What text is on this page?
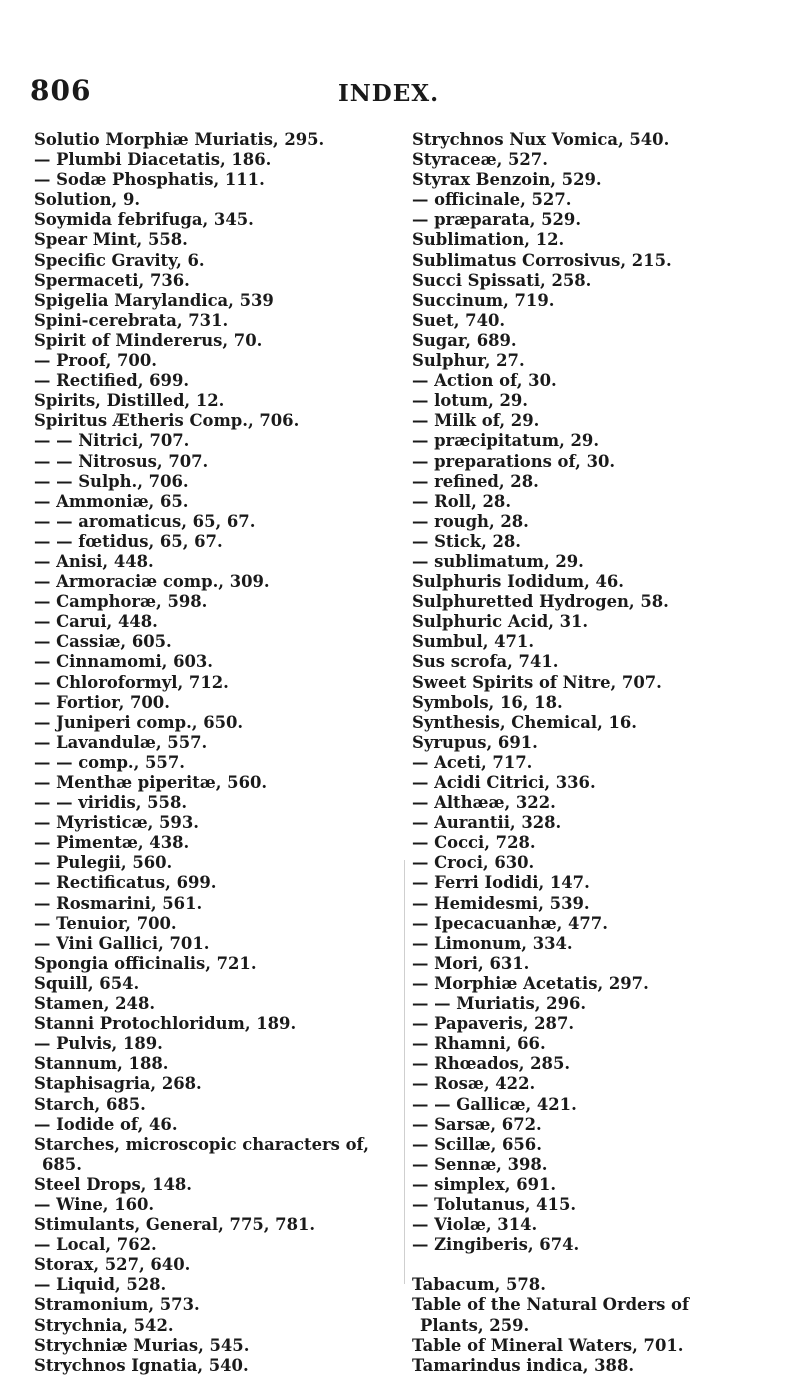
806	INDEX.
Solutio Morphiæ Muriatis, 295.
— Plumbi Diacetatis, 186.
— Sodæ Phosphatis, 111.
Solution, 9.
Soymida febrifuga, 345.
Spear Mint, 558.
Specific Gravity, 6.
Spermaceti, 736.
Spigelia Marylandica, 539
Spini-cerebrata, 731.
Spirit of Mindererus, 70.
— Proof, 700.
— Rectified, 699.
Spirits, Distilled, 12.
Spiritus Ætheris Comp., 706.
— — Nitrici, 707.
— — Nitrosus, 707.
— — Sulph., 706.
— Ammoniæ, 65.
— — aromaticus, 65, 67.
— — fœtidus, 65, 67.
— Anisi, 448.
— Armoraciæ comp., 309.
— Camphoræ, 598.
— Carui, 448.
— Cassiæ, 605.
— Cinnamomi, 603.
— Chloroformyl, 712.
— Fortior, 700.
— Juniperi comp., 650.
— Lavandulæ, 557.
— — comp., 557.
— Menthæ piperitæ, 560.
— — viridis, 558.
— Myristicæ, 593.
— Pimentæ, 438.
— Pulegii, 560.
— Rectificatus, 699.
— Rosmarini, 561.
— Tenuior, 700.
— Vini Gallici, 701.
Spongia officinalis, 721.
Squill, 654.
Stamen, 248.
Stanni Protochloridum, 189.
— Pulvis, 189.
Stannum, 188.
Staphisagria, 268.
Starch, 685.
— Iodide of, 46.
Starches, microscopic characters of,
685.
Steel Drops, 148.
— Wine, 160.
Stimulants, General, 775, 781.
— Local, 762.
Storax, 527, 640.
— Liquid, 528.
Stramonium, 573.
Strychnia, 542.
Strychniæ Murias, 545.
Strychnos Ignatia, 540.
Strychnos Nux Vomica, 540.
Styraceæ, 527.
Styrax Benzoin, 529.
— officinale, 527.
— præparata, 529.
Sublimation, 12.
Sublimatus Corrosivus, 215.
Succi Spissati, 258.
Succinum, 719.
Suet, 740.
Sugar, 689.
Sulphur, 27.
— Action of, 30.
— lotum, 29.
— Milk of, 29.
— præcipitatum, 29.
— preparations of, 30.
— refined, 28.
— Roll, 28.
— rough, 28.
— Stick, 28.
— sublimatum, 29.
Sulphuris Iodidum, 46.
Sulphuretted Hydrogen, 58.
Sulphuric Acid, 31.
Sumbul, 471.
Sus scrofa, 741.
Sweet Spirits of Nitre, 707.
Symbols, 16, 18.
Synthesis, Chemical, 16.
Syrupus, 691.
— Aceti, 717.
— Acidi Citrici, 336.
— Althææ, 322.
— Aurantii, 328.
— Cocci, 728.
— Croci, 630.
— Ferri Iodidi, 147.
— Hemidesmi, 539.
— Ipecacuanhæ, 477.
— Limonum, 334.
— Mori, 631.
— Morphiæ Acetatis, 297.
— — Muriatis, 296.
— Papaveris, 287.
— Rhamni, 66.
— Rhœados, 285.
— Rosæ, 422.
— — Gallicæ, 421.
— Sarsæ, 672.
— Scillæ, 656.
— Sennæ, 398.
— simplex, 691.
— Tolutanus, 415.
— Violæ, 314.
— Zingiberis, 674.
Tabacum, 578.
Table of the Natural Orders of
Plants, 259.
Table of Mineral Waters, 701.
Tamarindus indica, 388.
